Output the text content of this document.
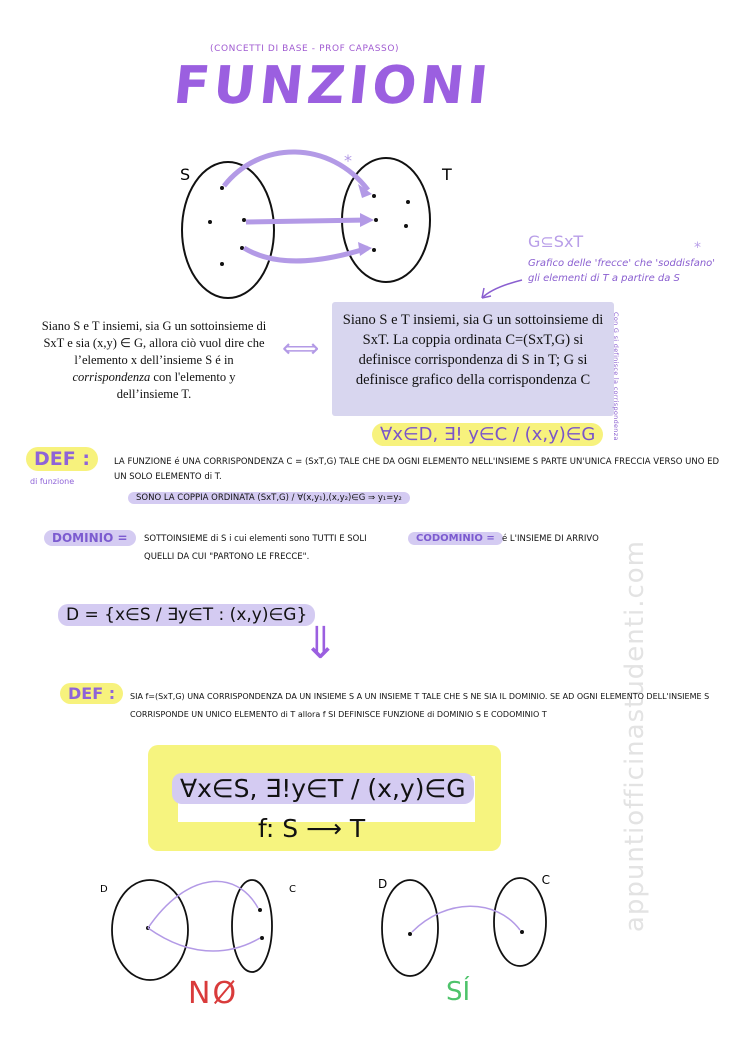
appuntiofficinastudenti.com
(CONCETTI DI BASE - PROF CAPASSO)
FUNZIONI
S	T
*
G⊆SxT
Grafico delle 'frecce' che 'soddisfano' gli elementi di T a partire da S
*
Siano S e T insiemi, sia G un sottoinsieme di
SxT e sia (x,y) ∈ G, allora ciò vuol dire che
l’elemento x dell’insieme S é in
corrispondenza con l'elemento y
dell’insieme T.
⟺
Siano S e T insiemi, sia G un sottoinsieme di SxT. La coppia ordinata C=(SxT,G) si definisce corrispondenza di S in T; G si definisce grafico della corrispondenza C	Con G si definisce la corrispondenza
∀x∈D, ∃! y∈C / (x,y)∈G
DEF :
di funzione
LA FUNZIONE é UNA CORRISPONDENZA C = (SxT,G) TALE CHE DA OGNI ELEMENTO NELL'INSIEME S PARTE UN'UNICA FRECCIA VERSO UNO ED UN SOLO ELEMENTO di T.
SONO LA COPPIA ORDINATA (SxT,G) / ∀(x,y₁),(x,y₂)∈G ⇒ y₁=y₂
DOMINIO =	SOTTOINSIEME di S i cui elementi sono TUTTI E SOLI QUELLI DA CUI "PARTONO LE FRECCE".
CODOMINIO = é L'INSIEME DI ARRIVO
D = {x∈S / ∃y∈T : (x,y)∈G}
⇓
DEF :	SIA f=(SxT,G) UNA CORRISPONDENZA DA UN INSIEME S A UN INSIEME T TALE CHE S NE SIA IL DOMINIO. SE AD OGNI ELEMENTO DELL'INSIEME S CORRISPONDE UN UNICO ELEMENTO di T allora f SI DEFINISCE FUNZIONE di DOMINIO S E CODOMINIO T
∀x∈S, ∃!y∈T / (x,y)∈G
f: S ⟶ T
D	C	D	C
NØ	SÍ
